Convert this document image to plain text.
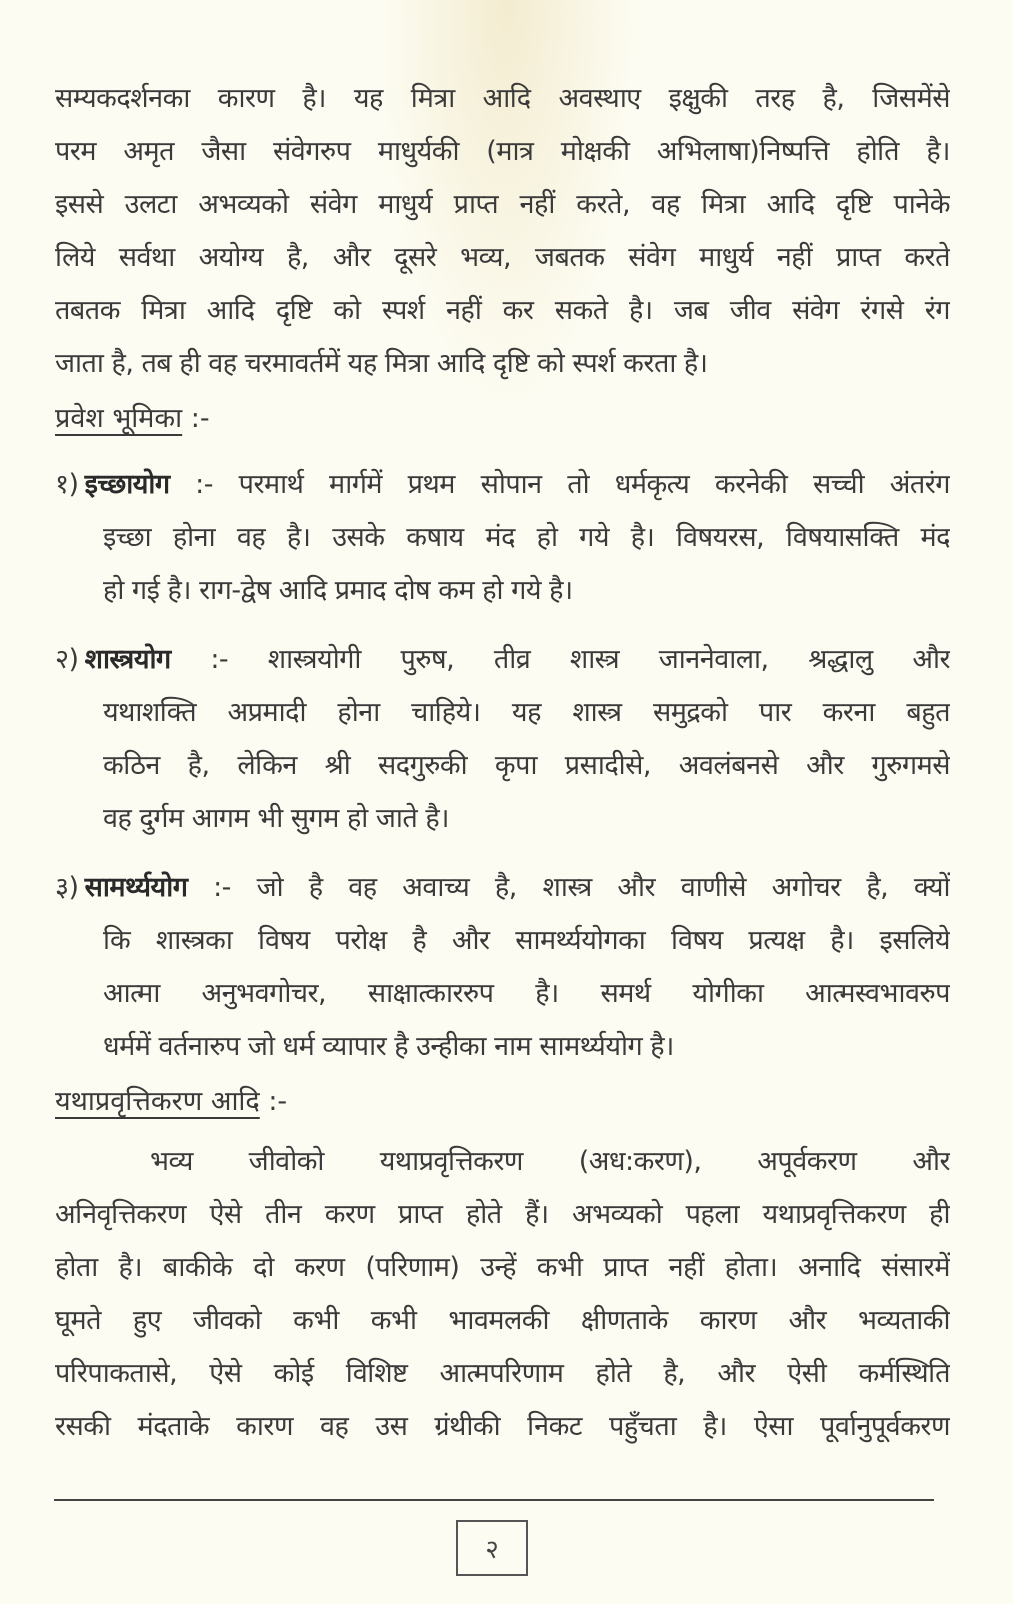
सम्यकदर्शनका कारण है। यह मित्रा आदि अवस्थाए इक्षुकी तरह है, जिसमेंसे
परम अमृत जैसा संवेगरुप माधुर्यकी (मात्र मोक्षकी अभिलाषा)निष्पत्ति होति है।
इससे उलटा अभव्यको संवेग माधुर्य प्राप्त नहीं करते, वह मित्रा आदि दृष्टि पानेके
लिये सर्वथा अयोग्य है, और दूसरे भव्य, जबतक संवेग माधुर्य नहीं प्राप्त करते
तबतक मित्रा आदि दृष्टि को स्पर्श नहीं कर सकते है। जब जीव संवेग रंगसे रंग
जाता है, तब ही वह चरमावर्तमें यह मित्रा आदि दृष्टि को स्पर्श करता है।
प्रवेश भूमिका :-
१) इच्छायोग :- परमार्थ मार्गमें प्रथम सोपान तो धर्मकृत्य करनेकी सच्ची अंतरंग
इच्छा होना वह है। उसके कषाय मंद हो गये है। विषयरस, विषयासक्ति मंद
हो गई है। राग-द्वेष आदि प्रमाद दोष कम हो गये है।
२) शास्त्रयोग :- शास्त्रयोगी पुरुष, तीव्र शास्त्र जाननेवाला, श्रद्धालु और
यथाशक्ति अप्रमादी होना चाहिये। यह शास्त्र समुद्रको पार करना बहुत
कठिन है, लेकिन श्री सदगुरुकी कृपा प्रसादीसे, अवलंबनसे और गुरुगमसे
वह दुर्गम आगम भी सुगम हो जाते है।
३) सामर्थ्ययोग :- जो है वह अवाच्य है, शास्त्र और वाणीसे अगोचर है, क्यों
कि शास्त्रका विषय परोक्ष है और सामर्थ्ययोगका विषय प्रत्यक्ष है। इसलिये
आत्मा अनुभवगोचर, साक्षात्काररुप है। समर्थ योगीका आत्मस्वभावरुप
धर्ममें वर्तनारुप जो धर्म व्यापार है उन्हीका नाम सामर्थ्ययोग है।
यथाप्रवृत्तिकरण आदि :-
भव्य जीवोको यथाप्रवृत्तिकरण (अध:करण), अपूर्वकरण और
अनिवृत्तिकरण ऐसे तीन करण प्राप्त होते हैं। अभव्यको पहला यथाप्रवृत्तिकरण ही
होता है। बाकीके दो करण (परिणाम) उन्हें कभी प्राप्त नहीं होता। अनादि संसारमें
घूमते हुए जीवको कभी कभी भावमलकी क्षीणताके कारण और भव्यताकी
परिपाकतासे, ऐसे कोई विशिष्ट आत्मपरिणाम होते है, और ऐसी कर्मस्थिति
रसकी मंदताके कारण वह उस ग्रंथीकी निकट पहुँचता है। ऐसा पूर्वानुपूर्वकरण
२
